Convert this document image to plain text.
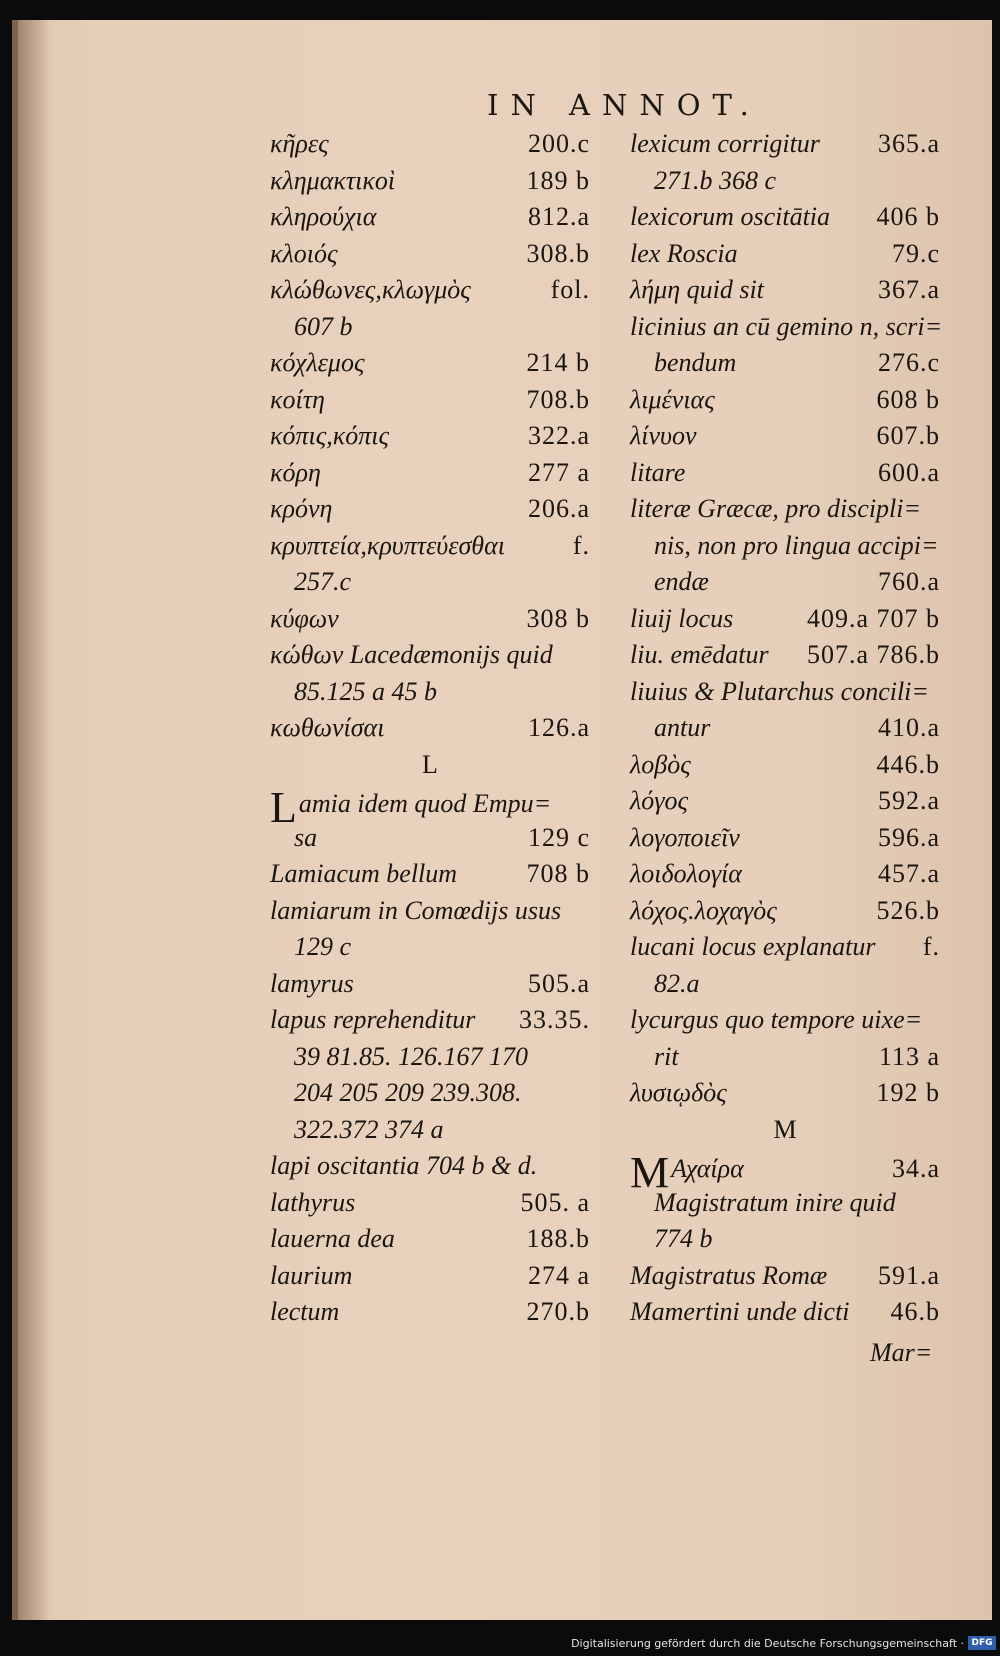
IN ANNOT.
κῆρες	200.c
κλημακτικοὶ	189 b
κληρούχια	812.a
κλοιός	308.b
κλώθωνες,κλωγμὸς	fol.
607 b
κόχλεμος	214 b
κοίτη	708.b
κόπις,κόπις	322.a
κόρη	277 a
κρόνη	206.a
κρυπτεία,κρυπτεύεσθαι	f.
257.c
κύφων	308 b
κώθων Lacedæmonijs quid
85.125 a 45 b
κωθωνίσαι	126.a
L
Lamia idem quod Empu=
sa	129 c
Lamiacum bellum	708 b
lamiarum in Comœdijs usus
129 c
lamyrus	505.a
lapus reprehenditur 33.35.
39 81.85. 126.167 170
204 205 209 239.308.
322.372 374 a
lapi oscitantia 704 b & d.
lathyrus	505. a
lauerna dea	188.b
laurium	274 a
lectum	270.b
lexicum corrigitur 365.a
271.b 368 c
lexicorum oscitātia 406 b
lex Roscia	79.c
λήμη quid sit	367.a
licinius an cū gemino n, scri=
bendum	276.c
λιμένιας	608 b
λίνυον	607.b
litare	600.a
literæ Græcæ, pro discipli=
nis, non pro lingua accipi=
endæ	760.a
liuij locus	409.a 707 b
liu. emēdatur 507.a 786.b
liuius & Plutarchus concili=
antur	410.a
λοβὸς	446.b
λόγος	592.a
λογοποιεῖν	596.a
λοιδολογία	457.a
λόχος.λοχαγὸς	526.b
lucani locus explanatur f.
82.a
lycurgus quo tempore uixe=
rit	113 a
λυσιῳδὸς	192 b
M
MΑχαίρα	34.a
Magistratum inire quid
774 b
Magistratus Romæ 591.a
Mamertini unde dicti 46.b
Mar=
Digitalisierung gefördert durch die Deutsche Forschungsgemeinschaft · DFG
